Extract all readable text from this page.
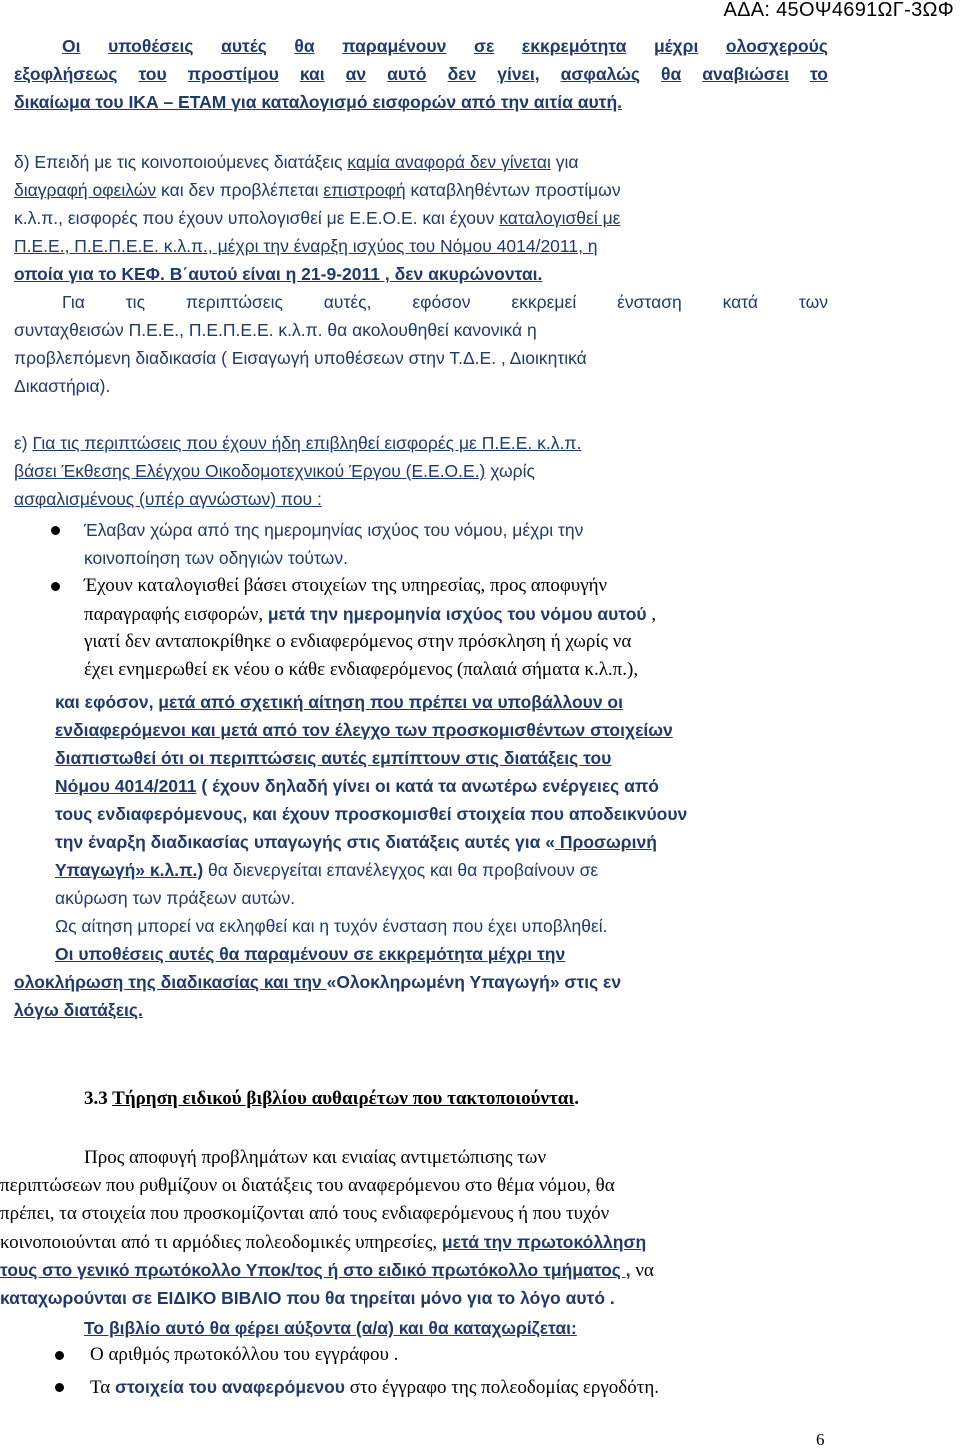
ΑΔΑ: 45ΟΨ4691ΩΓ-3ΩΦ
Οι υποθέσεις αυτές θα παραμένουν σε εκκρεμότητα μέχρι ολοσχερούς
εξοφλήσεως του προστίμου και αν αυτό δεν γίνει, ασφαλώς θα αναβιώσει το
δικαίωμα του ΙΚΑ – ΕΤΑΜ για καταλογισμό εισφορών από την αιτία αυτή.
δ) Επειδή με τις κοινοποιούμενες διατάξεις καμία αναφορά δεν γίνεται για
διαγραφή οφειλών και δεν προβλέπεται επιστροφή καταβληθέντων προστίμων
κ.λ.π., εισφορές που έχουν υπολογισθεί με Ε.Ε.Ο.Ε. και έχουν καταλογισθεί με
Π.Ε.Ε., Π.Ε.Π.Ε.Ε. κ.λ.π., μέχρι την έναρξη ισχύος του Νόμου 4014/2011, η
οποία για το ΚΕΦ. Β΄αυτού είναι η 21-9-2011 , δεν ακυρώνονται.
Για τις περιπτώσεις αυτές, εφόσον εκκρεμεί ένσταση κατά των
συνταχθεισών Π.Ε.Ε., Π.Ε.Π.Ε.Ε. κ.λ.π. θα ακολουθηθεί κανονικά η
προβλεπόμενη διαδικασία ( Εισαγωγή υποθέσεων στην Τ.Δ.Ε. , Διοικητικά
Δικαστήρια).
ε) Για τις περιπτώσεις που έχουν ήδη επιβληθεί εισφορές με Π.Ε.Ε. κ.λ.π.
βάσει Έκθεσης Ελέγχου Οικοδομοτεχνικού Έργου (Ε.Ε.Ο.Ε.) χωρίς
ασφαλισμένους (υπέρ αγνώστων) που :
Έλαβαν χώρα από της ημερομηνίας ισχύος του νόμου, μέχρι την
κοινοποίηση των οδηγιών τούτων.
Έχουν καταλογισθεί βάσει στοιχείων της υπηρεσίας, προς αποφυγήν
παραγραφής εισφορών, μετά την ημερομηνία ισχύος του νόμου αυτού ,
γιατί δεν ανταποκρίθηκε ο ενδιαφερόμενος στην πρόσκληση ή χωρίς να
έχει ενημερωθεί εκ νέου ο κάθε ενδιαφερόμενος (παλαιά σήματα κ.λ.π.),
και εφόσον, μετά από σχετική αίτηση που πρέπει να υποβάλλουν οι
ενδιαφερόμενοι και μετά από τον έλεγχο των προσκομισθέντων στοιχείων
διαπιστωθεί ότι οι περιπτώσεις αυτές εμπίπτουν στις διατάξεις του
Νόμου 4014/2011 ( έχουν δηλαδή γίνει οι κατά τα ανωτέρω ενέργειες από
τους ενδιαφερόμενους, και έχουν προσκομισθεί στοιχεία που αποδεικνύουν
την έναρξη διαδικασίας υπαγωγής στις διατάξεις αυτές για « Προσωρινή
Υπαγωγή» κ.λ.π.) θα διενεργείται επανέλεγχος και θα προβαίνουν σε
ακύρωση των πράξεων αυτών.
Ως αίτηση μπορεί να εκληφθεί και η τυχόν ένσταση που έχει υποβληθεί.
Οι υποθέσεις αυτές θα παραμένουν σε εκκρεμότητα μέχρι την
ολοκλήρωση της διαδικασίας και την «Ολοκληρωμένη Υπαγωγή» στις εν
λόγω διατάξεις.
3.3 Τήρηση ειδικού βιβλίου αυθαιρέτων που τακτοποιούνται.
Προς αποφυγή προβλημάτων και ενιαίας αντιμετώπισης των
περιπτώσεων που ρυθμίζουν οι διατάξεις του αναφερόμενου στο θέμα νόμου, θα
πρέπει, τα στοιχεία που προσκομίζονται από τους ενδιαφερόμενους ή που τυχόν
κοινοποιούνται από τι αρμόδιες πολεοδομικές υπηρεσίες, μετά την πρωτοκόλληση
τους στο γενικό πρωτόκολλο Υποκ/τος ή στο ειδικό πρωτόκολλο τμήματος , να
καταχωρούνται σε ΕΙΔΙΚΟ ΒΙΒΛΙΟ που θα τηρείται μόνο για το λόγο αυτό .
Το βιβλίο αυτό θα φέρει αύξοντα (α/α) και θα καταχωρίζεται:
Ο αριθμός πρωτοκόλλου του εγγράφου .
Τα στοιχεία του αναφερόμενου στο έγγραφο της πολεοδομίας εργοδότη.
6
